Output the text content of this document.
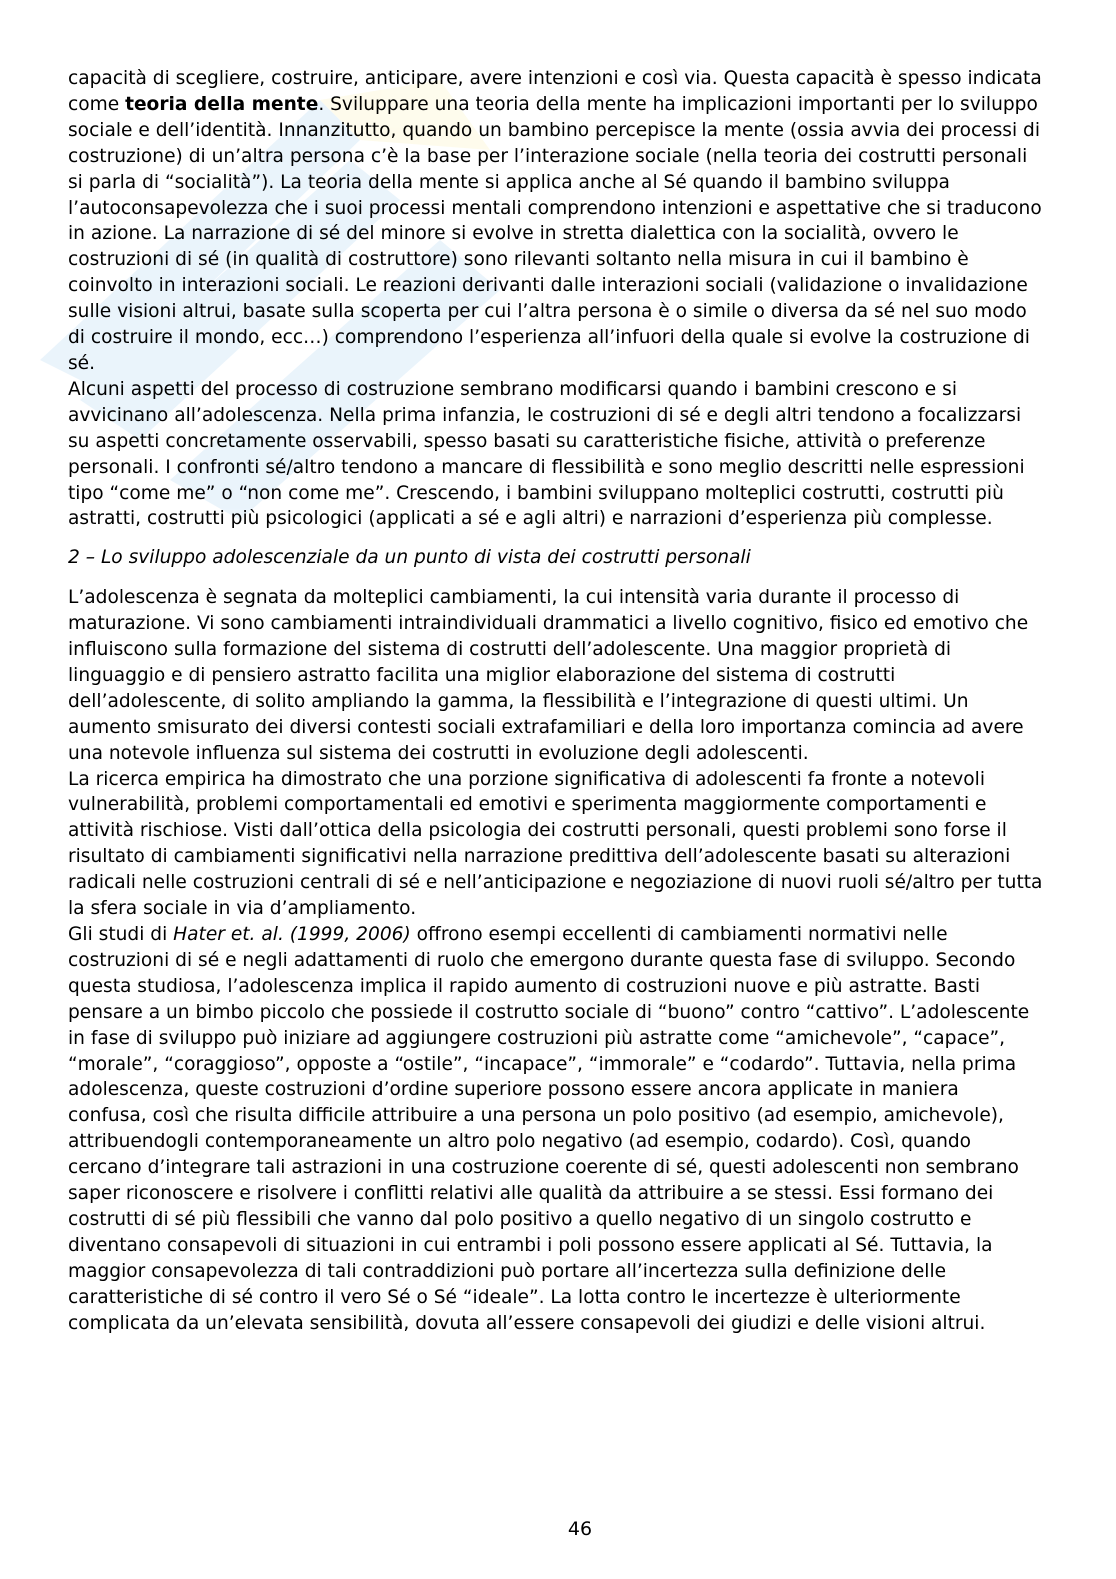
capacità di scegliere, costruire, anticipare, avere intenzioni e così via. Questa capacità è spesso indicata come teoria della mente. Sviluppare una teoria della mente ha implicazioni importanti per lo sviluppo sociale e dell’identità. Innanzitutto, quando un bambino percepisce la mente (ossia avvia dei processi di costruzione) di un’altra persona c’è la base per l’interazione sociale (nella teoria dei costrutti personali si parla di “socialità”). La teoria della mente si applica anche al Sé quando il bambino sviluppa l’autoconsapevolezza che i suoi processi mentali comprendono intenzioni e aspettative che si traducono in azione. La narrazione di sé del minore si evolve in stretta dialettica con la socialità, ovvero le costruzioni di sé (in qualità di costruttore) sono rilevanti soltanto nella misura in cui il bambino è coinvolto in interazioni sociali. Le reazioni derivanti dalle interazioni sociali (validazione o invalidazione sulle visioni altrui, basate sulla scoperta per cui l’altra persona è o simile o diversa da sé nel suo modo di costruire il mondo, ecc…) comprendono l’esperienza all’infuori della quale si evolve la costruzione di sé.

Alcuni aspetti del processo di costruzione sembrano modificarsi quando i bambini crescono e si avvicinano all’adolescenza. Nella prima infanzia, le costruzioni di sé e degli altri tendono a focalizzarsi su aspetti concretamente osservabili, spesso basati su caratteristiche fisiche, attività o preferenze personali. I confronti sé/altro tendono a mancare di flessibilità e sono meglio descritti nelle espressioni tipo “come me” o “non come me”. Crescendo, i bambini sviluppano molteplici costrutti, costrutti più astratti, costrutti più psicologici (applicati a sé e agli altri) e narrazioni d’esperienza più complesse.

2 – Lo sviluppo adolescenziale da un punto di vista dei costrutti personali

L’adolescenza è segnata da molteplici cambiamenti, la cui intensità varia durante il processo di maturazione. Vi sono cambiamenti intraindividuali drammatici a livello cognitivo, fisico ed emotivo che influiscono sulla formazione del sistema di costrutti dell’adolescente. Una maggior proprietà di linguaggio e di pensiero astratto facilita una miglior elaborazione del sistema di costrutti dell’adolescente, di solito ampliando la gamma, la flessibilità e l’integrazione di questi ultimi. Un aumento smisurato dei diversi contesti sociali extrafamiliari e della loro importanza comincia ad avere una notevole influenza sul sistema dei costrutti in evoluzione degli adolescenti.

La ricerca empirica ha dimostrato che una porzione significativa di adolescenti fa fronte a notevoli vulnerabilità, problemi comportamentali ed emotivi e sperimenta maggiormente comportamenti e attività rischiose. Visti dall’ottica della psicologia dei costrutti personali, questi problemi sono forse il risultato di cambiamenti significativi nella narrazione predittiva dell’adolescente basati su alterazioni radicali nelle costruzioni centrali di sé e nell’anticipazione e negoziazione di nuovi ruoli sé/altro per tutta la sfera sociale in via d’ampliamento.

Gli studi di Hater et. al. (1999, 2006) offrono esempi eccellenti di cambiamenti normativi nelle costruzioni di sé e negli adattamenti di ruolo che emergono durante questa fase di sviluppo. Secondo questa studiosa, l’adolescenza implica il rapido aumento di costruzioni nuove e più astratte. Basti pensare a un bimbo piccolo che possiede il costrutto sociale di “buono” contro “cattivo”. L’adolescente in fase di sviluppo può iniziare ad aggiungere costruzioni più astratte come “amichevole”, “capace”, “morale”, “coraggioso”, opposte a “ostile”, “incapace”, “immorale” e “codardo”. Tuttavia, nella prima adolescenza, queste costruzioni d’ordine superiore possono essere ancora applicate in maniera confusa, così che risulta difficile attribuire a una persona un polo positivo (ad esempio, amichevole), attribuendogli contemporaneamente un altro polo negativo (ad esempio, codardo). Così, quando cercano d’integrare tali astrazioni in una costruzione coerente di sé, questi adolescenti non sembrano saper riconoscere e risolvere i conflitti relativi alle qualità da attribuire a se stessi. Essi formano dei costrutti di sé più flessibili che vanno dal polo positivo a quello negativo di un singolo costrutto e diventano consapevoli di situazioni in cui entrambi i poli possono essere applicati al Sé. Tuttavia, la maggior consapevolezza di tali contraddizioni può portare all’incertezza sulla definizione delle caratteristiche di sé contro il vero Sé o Sé “ideale”. La lotta contro le incertezze è ulteriormente complicata da un’elevata sensibilità, dovuta all’essere consapevoli dei giudizi e delle visioni altrui.

46
